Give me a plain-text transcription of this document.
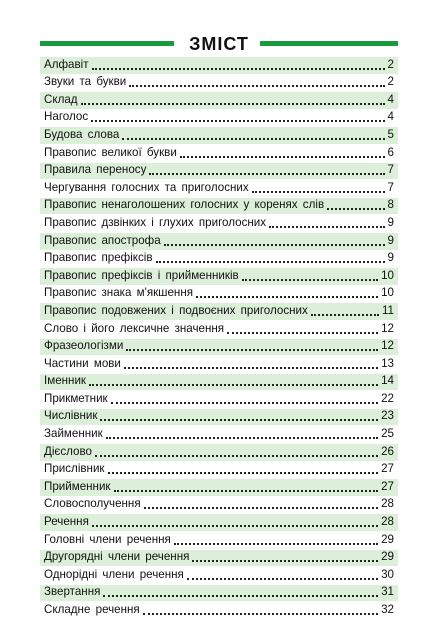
ЗМІСТ
Алфавіт	2
Звуки та букви	2
Склад	4
Наголос	4
Будова слова	5
Правопис великої букви	6
Правила переносу	7
Чергування голосних та приголосних	7
Правопис ненаголошених голосних у коренях слів	8
Правопис дзвінких і глухих приголосних	9
Правопис апострофа	9
Правопис префіксів	9
Правопис префіксів і прийменників	10
Правопис знака м'якшення	10
Правопис подовжених і подвоєних приголосних	11
Слово і його лексичне значення	12
Фразеологізми	12
Частини мови	13
Іменник	14
Прикметник	22
Числівник	23
Займенник	25
Дієслово	26
Прислівник	27
Прийменник	27
Словосполучення	28
Речення	28
Головні члени речення	29
Другорядні члени речення	29
Однорідні члени речення	30
Звертання	31
Складне речення	32
